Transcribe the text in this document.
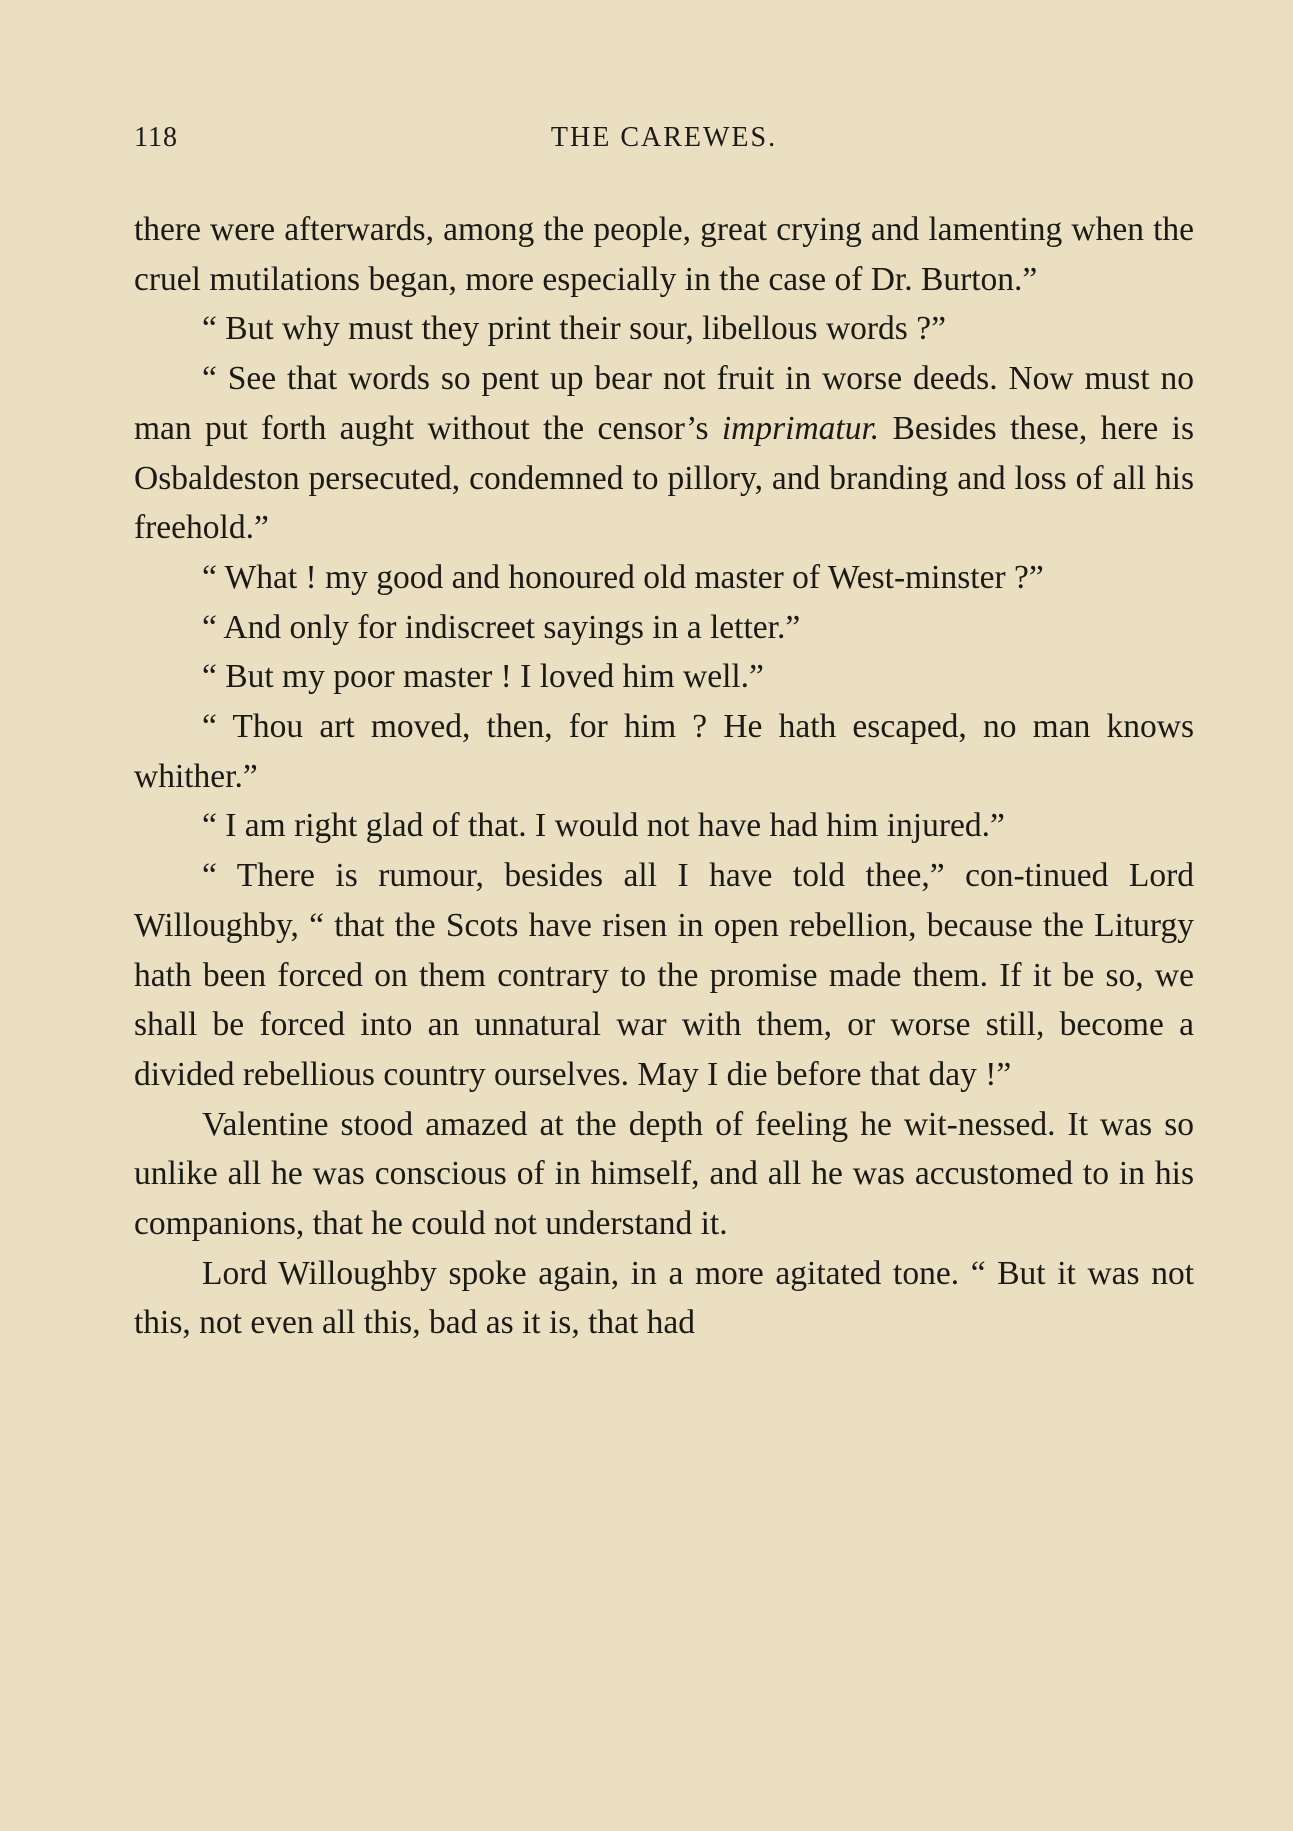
118	THE CAREWES.

there were afterwards, among the people, great crying and lamenting when the cruel mutilations began, more especially in the case of Dr. Burton.”

“ But why must they print their sour, libellous words ?”

“ See that words so pent up bear not fruit in worse deeds. Now must no man put forth aught without the censor’s imprimatur. Besides these, here is Osbaldeston persecuted, condemned to pillory, and branding and loss of all his freehold.”

“ What ! my good and honoured old master of West-minster ?”

“ And only for indiscreet sayings in a letter.”

“ But my poor master ! I loved him well.”

“ Thou art moved, then, for him ? He hath escaped, no man knows whither.”

“ I am right glad of that. I would not have had him injured.”

“ There is rumour, besides all I have told thee,” con-tinued Lord Willoughby, “ that the Scots have risen in open rebellion, because the Liturgy hath been forced on them contrary to the promise made them. If it be so, we shall be forced into an unnatural war with them, or worse still, become a divided rebellious country ourselves. May I die before that day !”

Valentine stood amazed at the depth of feeling he wit-nessed. It was so unlike all he was conscious of in himself, and all he was accustomed to in his companions, that he could not understand it.

Lord Willoughby spoke again, in a more agitated tone. “ But it was not this, not even all this, bad as it is, that had
